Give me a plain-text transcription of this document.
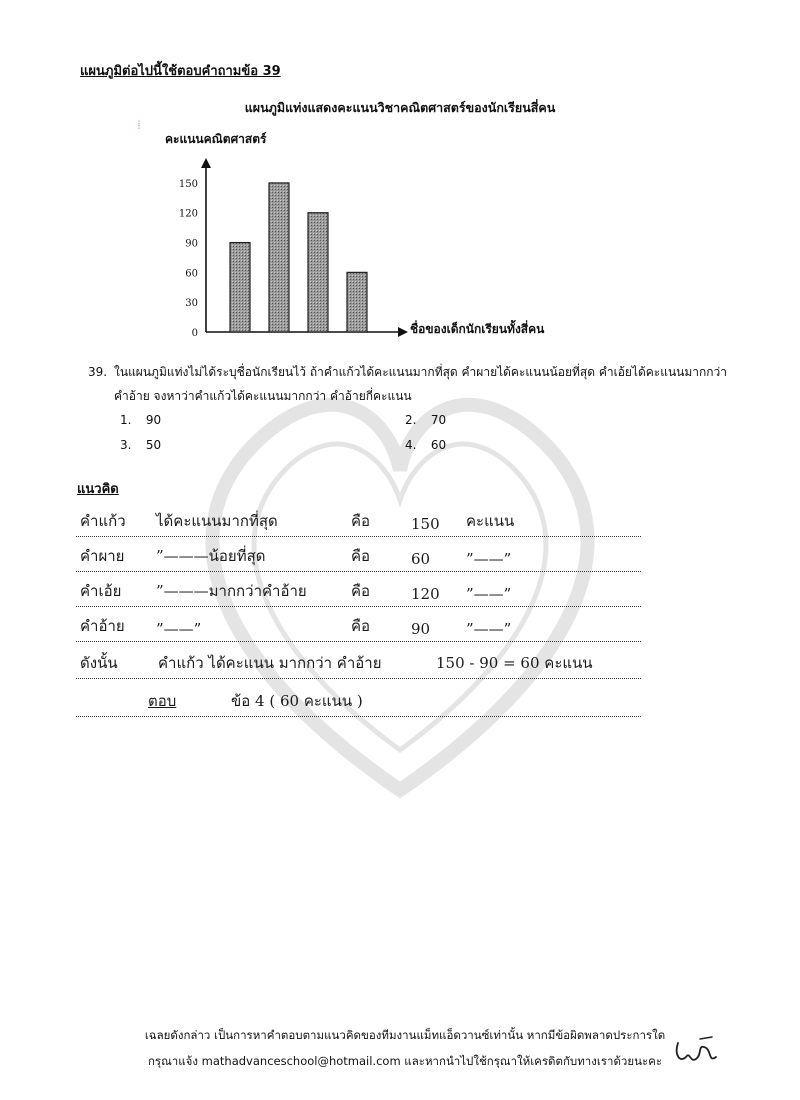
แผนภูมิต่อไปนี้ใช้ตอบคำถามข้อ 39
แผนภูมิแท่งแสดงคะแนนวิชาคณิตศาสตร์ของนักเรียนสี่คน
⁞
คะแนนคณิตศาสตร์
0
30
60
90
120
150
ชื่อของเด็กนักเรียนทั้งสี่คน
39. ในแผนภูมิแท่งไม่ได้ระบุชื่อนักเรียนไว้ ถ้าคำแก้วได้คะแนนมากที่สุด คำผายได้คะแนนน้อยที่สุด คำเอ้ยได้คะแนนมากกว่าคำอ้าย จงหาว่าคำแก้วได้คะแนนมากกว่า คำอ้ายกี่คะแนน
1. 90	2. 70
3. 50	4. 60
แนวคิด
คำแก้ว ได้คะแนนมากที่สุด	คือ	150 คะแนน
คำผาย ”———น้อยที่สุด	คือ	60 ”——”
คำเอ้ย ”———มากกว่าคำอ้าย	คือ	120 ”——”
คำอ้าย ”——”	คือ	90 ”——”
ดังนั้น	คำแก้ว ได้คะแนน มากกว่า คำอ้าย	150 - 90 = 60 คะแนน
ตอบ	ข้อ 4 ( 60 คะแนน )
เฉลยดังกล่าว เป็นการหาคำตอบตามแนวคิดของทีมงานแม็ทแอ็ดวานซ์เท่านั้น หากมีข้อผิดพลาดประการใด
กรุณาแจ้ง mathadvanceschool@hotmail.com และหากนำไปใช้กรุณาให้เครดิตกับทางเราด้วยนะคะ
